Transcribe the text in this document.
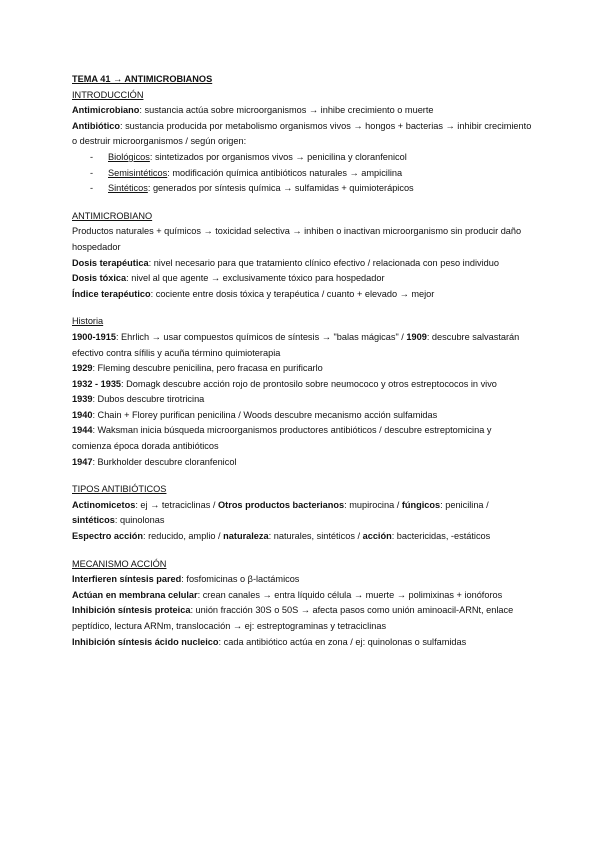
TEMA 41 → ANTIMICROBIANOS
INTRODUCCIÓN
Antimicrobiano: sustancia actúa sobre microorganismos → inhibe crecimiento o muerte
Antibiótico: sustancia producida por metabolismo organismos vivos → hongos + bacterias → inhibir crecimiento o destruir microorganismos / según origen:
- Biológicos: sintetizados por organismos vivos → penicilina y cloranfenicol
- Semisintéticos: modificación química antibióticos naturales → ampicilina
- Sintéticos: generados por síntesis química → sulfamidas + quimioterápicos
ANTIMICROBIANO
Productos naturales + químicos → toxicidad selectiva → inhiben o inactivan microorganismo sin producir daño hospedador
Dosis terapéutica: nivel necesario para que tratamiento clínico efectivo / relacionada con peso individuo
Dosis tóxica: nivel al que agente → exclusivamente tóxico para hospedador
Índice terapéutico: cociente entre dosis tóxica y terapéutica / cuanto + elevado → mejor
Historia
1900-1915: Ehrlich → usar compuestos químicos de síntesis → "balas mágicas" / 1909: descubre salvastarán efectivo contra sífilis y acuña término quimioterapia
1929: Fleming descubre penicilina, pero fracasa en purificarlo
1932 - 1935: Domagk descubre acción rojo de prontosilo sobre neumococo y otros estreptococos in vivo
1939: Dubos descubre tirotricina
1940: Chain + Florey purifican penicilina / Woods descubre mecanismo acción sulfamidas
1944: Waksman inicia búsqueda microorganismos productores antibióticos / descubre estreptomicina y comienza época dorada antibióticos
1947: Burkholder descubre cloranfenicol
TIPOS ANTIBIÓTICOS
Actinomicetos: ej → tetraciclinas / Otros productos bacterianos: mupirocina / fúngicos: penicilina / sintéticos: quinolonas
Espectro acción: reducido, amplio / naturaleza: naturales, sintéticos / acción: bactericidas, -estáticos
MECANISMO ACCIÓN
Interfieren síntesis pared: fosfomicinas o β-lactámicos
Actúan en membrana celular: crean canales → entra líquido célula → muerte → polimixinas + ionóforos
Inhibición síntesis proteica: unión fracción 30S o 50S → afecta pasos como unión aminoacil-ARNt, enlace peptídico, lectura ARNm, translocación → ej: estreptograminas y tetraciclinas
Inhibición síntesis ácido nucleico: cada antibiótico actúa en zona / ej: quinolonas o sulfamidas
